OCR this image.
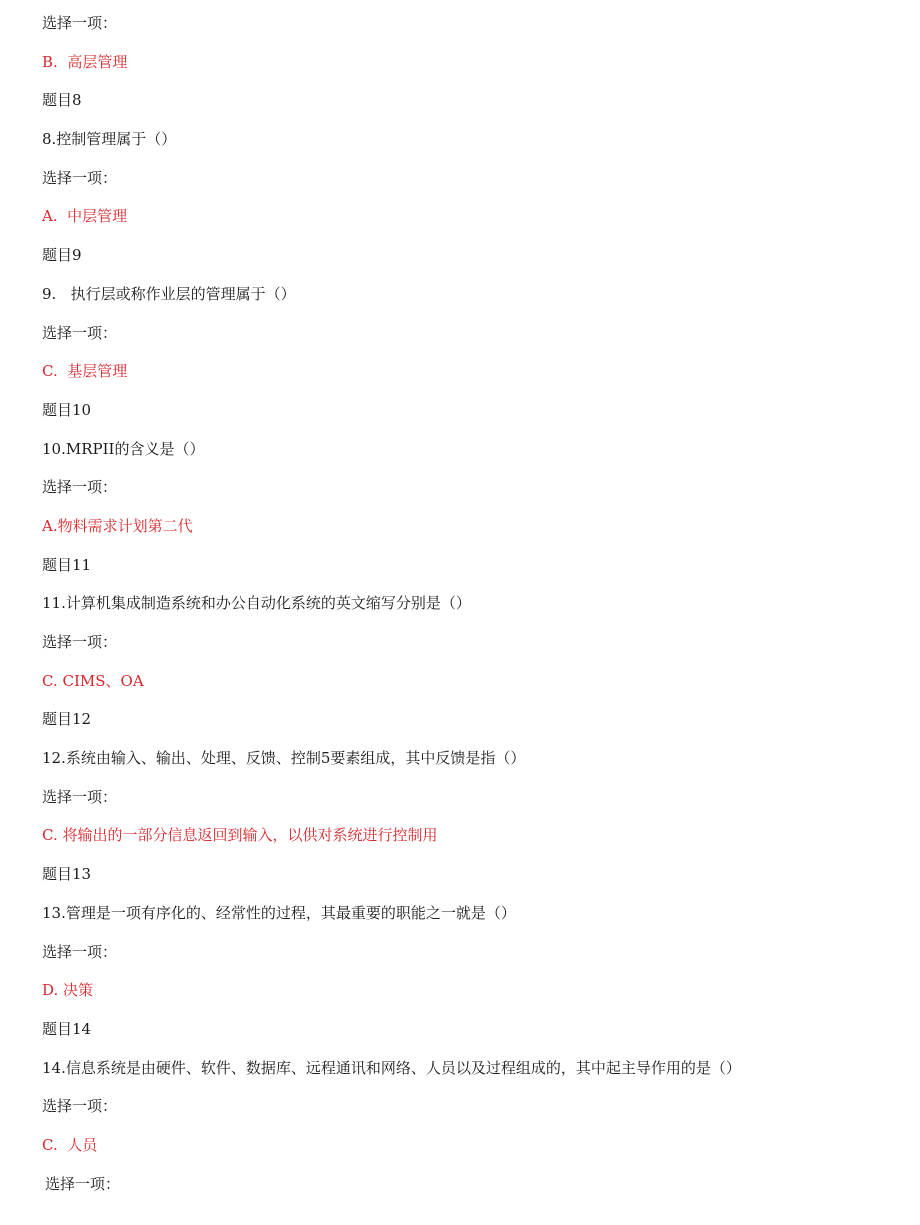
选择一项：
B.  高层管理
题目8
8.控制管理属于（）
选择一项：
A.  中层管理
题目9
9.   执行层或称作业层的管理属于（）
选择一项：
C.  基层管理
题目10
10.MRPII的含义是（）
选择一项：
A.物料需求计划第二代
题目11
11.计算机集成制造系统和办公自动化系统的英文缩写分别是（）
选择一项：
C. CIMS、OA
题目12
12.系统由输入、输出、处理、反馈、控制5要素组成，其中反馈是指（）
选择一项：
C. 将输出的一部分信息返回到输入，以供对系统进行控制用
题目13
13.管理是一项有序化的、经常性的过程，其最重要的职能之一就是（）
选择一项：
D. 决策
题目14
14.信息系统是由硬件、软件、数据库、远程通讯和网络、人员以及过程组成的，其中起主导作用的是（）
选择一项：
C.  人员
选择一项：
